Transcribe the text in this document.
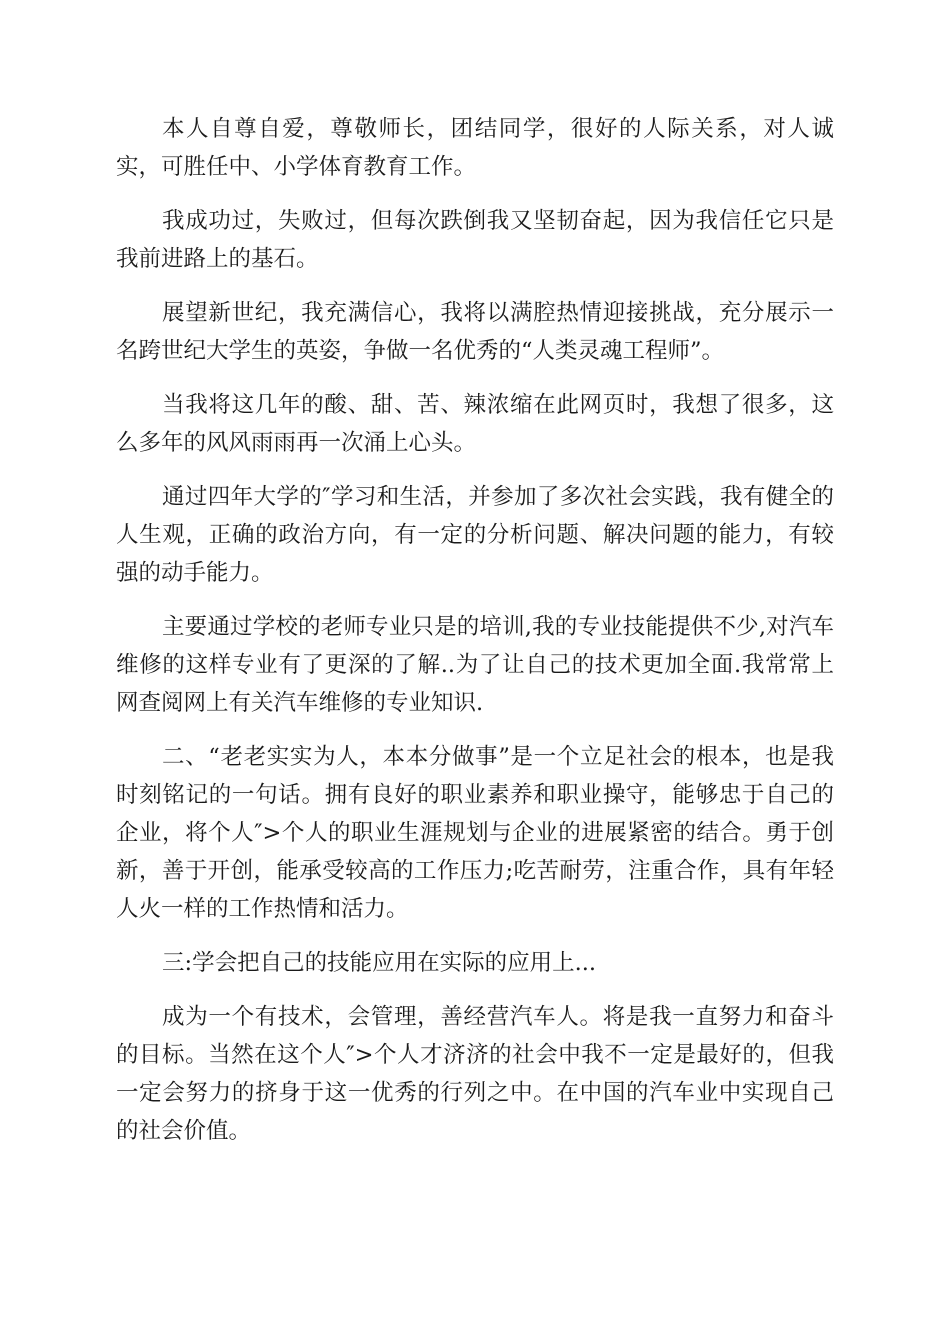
本人自尊自爱，尊敬师长，团结同学，很好的人际关系，对人诚实，可胜任中、小学体育教育工作。

我成功过，失败过，但每次跌倒我又坚韧奋起，因为我信任它只是我前进路上的基石。

展望新世纪，我充满信心，我将以满腔热情迎接挑战，充分展示一名跨世纪大学生的英姿，争做一名优秀的“人类灵魂工程师”。

当我将这几年的酸、甜、苦、辣浓缩在此网页时，我想了很多，这么多年的风风雨雨再一次涌上心头。

通过四年大学的″学习和生活，并参加了多次社会实践，我有健全的人生观，正确的政治方向，有一定的分析问题、解决问题的能力，有较强的动手能力。

主要通过学校的老师专业只是的培训,我的专业技能提供不少,对汽车维修的这样专业有了更深的了解..为了让自己的技术更加全面.我常常上网查阅网上有关汽车维修的专业知识.

二、“老老实实为人，本本分做事”是一个立足社会的根本，也是我时刻铭记的一句话。拥有良好的职业素养和职业操守，能够忠于自己的企业，将个人″>个人的职业生涯规划与企业的进展紧密的结合。勇于创新，善于开创，能承受较高的工作压力;吃苦耐劳，注重合作，具有年轻人火一样的工作热情和活力。

三:学会把自己的技能应用在实际的应用上...

成为一个有技术，会管理，善经营汽车人。将是我一直努力和奋斗的目标。当然在这个人″>个人才济济的社会中我不一定是最好的，但我一定会努力的挤身于这一优秀的行列之中。在中国的汽车业中实现自己的社会价值。
